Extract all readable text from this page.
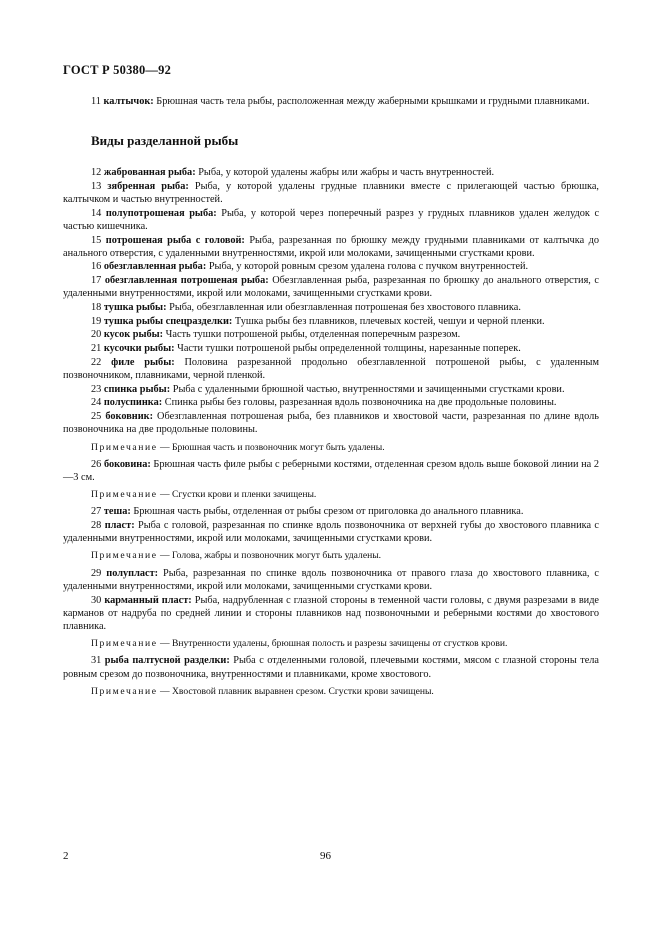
ГОСТ Р 50380—92
11 калтычок: Брюшная часть тела рыбы, расположенная между жаберными крышками и грудными плавниками.
Виды разделанной рыбы
12 жаброванная рыба: Рыба, у которой удалены жабры или жабры и часть внутренностей.
13 зябренная рыба: Рыба, у которой удалены грудные плавники вместе с прилегающей частью брюшка, калтычком и частью внутренностей.
14 полупотрошеная рыба: Рыба, у которой через поперечный разрез у грудных плавников удален желудок с частью кишечника.
15 потрошеная рыба с головой: Рыба, разрезанная по брюшку между грудными плавниками от калтычка до анального отверстия, с удаленными внутренностями, икрой или молоками, зачищенными сгустками крови.
16 обезглавленная рыба: Рыба, у которой ровным срезом удалена голова с пучком внутренностей.
17 обезглавленная потрошеная рыба: Обезглавленная рыба, разрезанная по брюшку до анального отверстия, с удаленными внутренностями, икрой или молоками, зачищенными сгустками крови.
18 тушка рыбы: Рыба, обезглавленная или обезглавленная потрошеная без хвостового плавника.
19 тушка рыбы спецразделки: Тушка рыбы без плавников, плечевых костей, чешуи и черной пленки.
20 кусок рыбы: Часть тушки потрошеной рыбы, отделенная поперечным разрезом.
21 кусочки рыбы: Части тушки потрошеной рыбы определенной толщины, нарезанные поперек.
22 филе рыбы: Половина разрезанной продольно обезглавленной потрошеной рыбы, с удаленным позвоночником, плавниками, черной пленкой.
23 спинка рыбы: Рыба с удаленными брюшной частью, внутренностями и зачищенными сгустками крови.
24 полуспинка: Спинка рыбы без головы, разрезанная вдоль позвоночника на две продольные половины.
25 боковник: Обезглавленная потрошеная рыба, без плавников и хвостовой части, разрезанная по длине вдоль позвоночника на две продольные половины.
Примечание — Брюшная часть и позвоночник могут быть удалены.
26 боковина: Брюшная часть филе рыбы с реберными костями, отделенная срезом вдоль выше боковой линии на 2—3 см.
Примечание — Сгустки крови и пленки зачищены.
27 теша: Брюшная часть рыбы, отделенная от рыбы срезом от приголовка до анального плавника.
28 пласт: Рыба с головой, разрезанная по спинке вдоль позвоночника от верхней губы до хвостового плавника с удаленными внутренностями, икрой или молоками, зачищенными сгустками крови.
Примечание — Голова, жабры и позвоночник могут быть удалены.
29 полупласт: Рыба, разрезанная по спинке вдоль позвоночника от правого глаза до хвостового плавника, с удаленными внутренностями, икрой или молоками, зачищенными сгустками крови.
30 карманный пласт: Рыба, надрубленная с глазной стороны в теменной части головы, с двумя разрезами в виде карманов от надруба по средней линии и стороны плавников над позвоночными и реберными костями до хвостового плавника.
Примечание — Внутренности удалены, брюшная полость и разрезы зачищены от сгустков крови.
31 рыба палтусной разделки: Рыба с отделенными головой, плечевыми костями, мясом с глазной стороны тела ровным срезом до позвоночника, внутренностями и плавниками, кроме хвостового.
Примечание — Хвостовой плавник выравнен срезом. Сгустки крови зачищены.
2	96
